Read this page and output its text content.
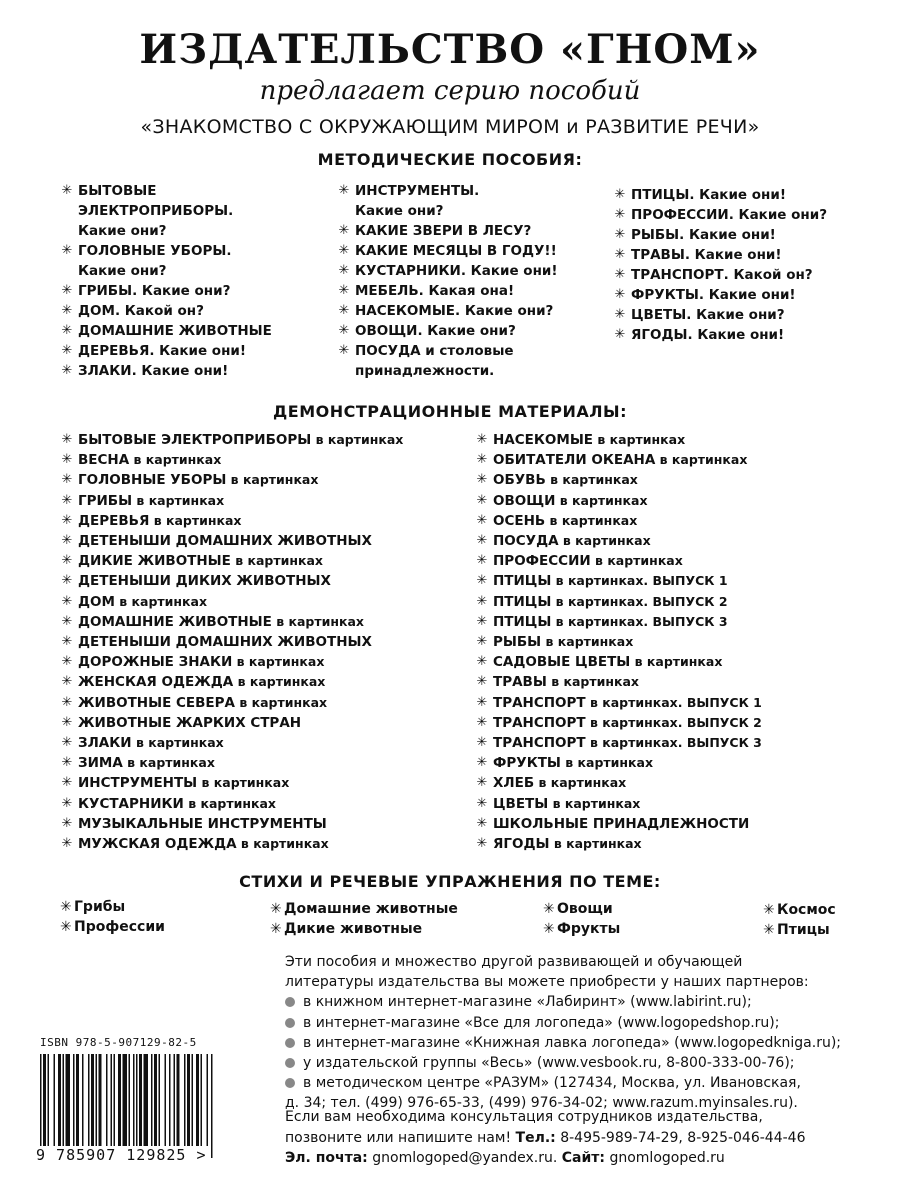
ИЗДАТЕЛЬСТВО «ГНОМ»
предлагает серию пособий
«ЗНАКОМСТВО С ОКРУЖАЮЩИМ МИРОМ и РАЗВИТИЕ РЕЧИ»
МЕТОДИЧЕСКИЕ ПОСОБИЯ:
✳ БЫТОВЫЕ
ЭЛЕКТРОПРИБОРЫ.
Какие они?
✳ ГОЛОВНЫЕ УБОРЫ.
Какие они?
✳ ГРИБЫ. Какие они?
✳ ДОМ. Какой он?
✳ ДОМАШНИЕ ЖИВОТНЫЕ
✳ ДЕРЕВЬЯ. Какие они!
✳ ЗЛАКИ. Какие они!
✳ ИНСТРУМЕНТЫ.
Какие они?
✳ КАКИЕ ЗВЕРИ В ЛЕСУ?
✳ КАКИЕ МЕСЯЦЫ В ГОДУ!!
✳ КУСТАРНИКИ. Какие они!
✳ МЕБЕЛЬ. Какая она!
✳ НАСЕКОМЫЕ. Какие они?
✳ ОВОЩИ. Какие они?
✳ ПОСУДА и столовые
принадлежности.
✳ ПТИЦЫ. Какие они!
✳ ПРОФЕССИИ. Какие они?
✳ РЫБЫ. Какие они!
✳ ТРАВЫ. Какие они!
✳ ТРАНСПОРТ. Какой он?
✳ ФРУКТЫ. Какие они!
✳ ЦВЕТЫ. Какие они?
✳ ЯГОДЫ. Какие они!
ДЕМОНСТРАЦИОННЫЕ МАТЕРИАЛЫ:
✳ БЫТОВЫЕ ЭЛЕКТРОПРИБОРЫ в картинках
✳ ВЕСНА в картинках
✳ ГОЛОВНЫЕ УБОРЫ в картинках
✳ ГРИБЫ в картинках
✳ ДЕРЕВЬЯ в картинках
✳ ДЕТЕНЫШИ ДОМАШНИХ ЖИВОТНЫХ
✳ ДИКИЕ ЖИВОТНЫЕ в картинках
✳ ДЕТЕНЫШИ ДИКИХ ЖИВОТНЫХ
✳ ДОМ в картинках
✳ ДОМАШНИЕ ЖИВОТНЫЕ в картинках
✳ ДЕТЕНЫШИ ДОМАШНИХ ЖИВОТНЫХ
✳ ДОРОЖНЫЕ ЗНАКИ в картинках
✳ ЖЕНСКАЯ ОДЕЖДА в картинках
✳ ЖИВОТНЫЕ СЕВЕРА в картинках
✳ ЖИВОТНЫЕ ЖАРКИХ СТРАН
✳ ЗЛАКИ в картинках
✳ ЗИМА в картинках
✳ ИНСТРУМЕНТЫ в картинках
✳ КУСТАРНИКИ в картинках
✳ МУЗЫКАЛЬНЫЕ ИНСТРУМЕНТЫ
✳ МУЖСКАЯ ОДЕЖДА в картинках
✳ НАСЕКОМЫЕ в картинках
✳ ОБИТАТЕЛИ ОКЕАНА в картинках
✳ ОБУВЬ в картинках
✳ ОВОЩИ в картинках
✳ ОСЕНЬ в картинках
✳ ПОСУДА в картинках
✳ ПРОФЕССИИ в картинках
✳ ПТИЦЫ в картинках. ВЫПУСК 1
✳ ПТИЦЫ в картинках. ВЫПУСК 2
✳ ПТИЦЫ в картинках. ВЫПУСК 3
✳ РЫБЫ в картинках
✳ САДОВЫЕ ЦВЕТЫ в картинках
✳ ТРАВЫ в картинках
✳ ТРАНСПОРТ в картинках. ВЫПУСК 1
✳ ТРАНСПОРТ в картинках. ВЫПУСК 2
✳ ТРАНСПОРТ в картинках. ВЫПУСК 3
✳ ФРУКТЫ в картинках
✳ ХЛЕБ в картинках
✳ ЦВЕТЫ в картинках
✳ ШКОЛЬНЫЕ ПРИНАДЛЕЖНОСТИ
✳ ЯГОДЫ в картинках
СТИХИ И РЕЧЕВЫЕ УПРАЖНЕНИЯ ПО ТЕМЕ:
✳ Грибы
✳ Профессии
✳ Домашние животные
✳ Дикие животные
✳ Овощи
✳ Фрукты
✳ Космос
✳ Птицы
Эти пособия и множество другой развивающей и обучающей
литературы издательства вы можете приобрести у наших партнеров:
в книжном интернет-магазине «Лабиринт» (www.labirint.ru);
в интернет-магазине «Все для логопеда» (www.logopedshop.ru);
в интернет-магазине «Книжная лавка логопеда» (www.logopedkniga.ru);
у издательской группы «Весь» (www.vesbook.ru, 8-800-333-00-76);
в методическом центре «РАЗУМ» (127434, Москва, ул. Ивановская,
д. 34; тел. (499) 976-65-33, (499) 976-34-02; www.razum.myinsales.ru).
Если вам необходима консультация сотрудников издательства,
позвоните или напишите нам! Тел.: 8-495-989-74-29, 8-925-046-44-46
Эл. почта: gnomlogoped@yandex.ru. Сайт: gnomlogoped.ru
ISBN 978-5-907129-82-5
9 785907 129825 >
